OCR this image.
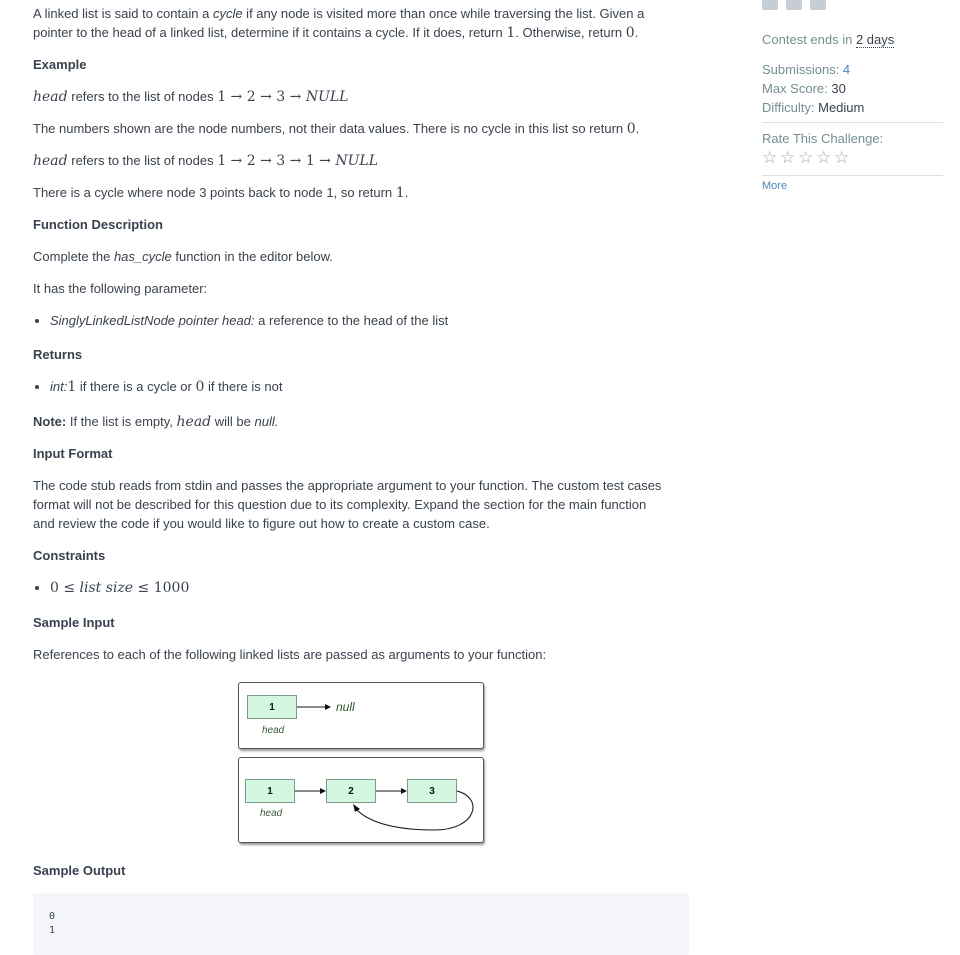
A linked list is said to contain a cycle if any node is visited more than once while traversing the list. Given a
pointer to the head of a linked list, determine if it contains a cycle. If it does, return 1. Otherwise, return 0.

Example

head refers to the list of nodes 1 → 2 → 3 → NULL

The numbers shown are the node numbers, not their data values. There is no cycle in this list so return 0.

head refers to the list of nodes 1 → 2 → 3 → 1 → NULL

There is a cycle where node 3 points back to node 1, so return 1.

Function Description

Complete the has_cycle function in the editor below.

It has the following parameter:

• SinglyLinkedListNode pointer head: a reference to the head of the list

Returns

• int:1 if there is a cycle or 0 if there is not

Note: If the list is empty, head will be null.

Input Format

The code stub reads from stdin and passes the appropriate argument to your function. The custom test cases
format will not be described for this question due to its complexity. Expand the section for the main function
and review the code if you would like to figure out how to create a custom case.

Constraints

• 0 ≤ list size ≤ 1000

Sample Input

References to each of the following linked lists are passed as arguments to your function:

Sample Output

1
head
null
1	2	3
head
0
1
Contest ends in 2 days
Submissions: 4
Max Score: 30
Difficulty: Medium
Rate This Challenge:
☆ ☆ ☆ ☆ ☆
More
